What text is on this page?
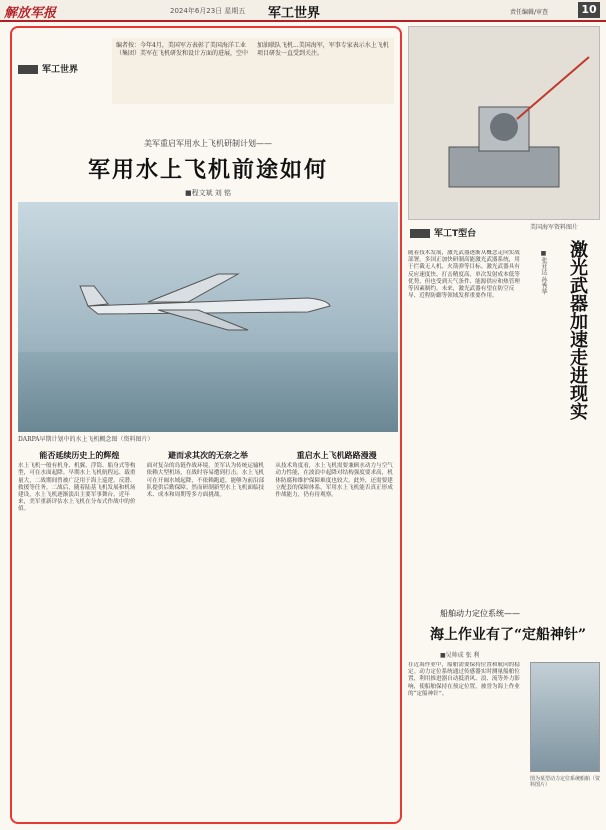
解放军报	2024年6月23日 星期五 军工世界	责任编辑/审查	10
编者按：今年4月，美国军方表彰了美国海洋工业（集团）美军在飞机研发和设计方面的进展，空中加油联队飞机...美国海军，军事专家表示水上飞机项目研发一直受到关注。
军工世界
美军重启军用水上飞机研制计划——
军用水上飞机前途如何
■程文斌 刘 铭
DARPA早期计划中的水上飞机概念图（资料图片）
能否延续历史上的辉煌
水上飞机一般有机身、机翼、浮筒、船身式等构型，可在水面起降。早期水上飞机航程远、载重量大，二战期间曾被广泛用于海上巡逻、反潜、救援等任务。二战后，随着陆基飞机发展和机场建设，水上飞机逐渐淡出主要军事舞台。近年来，美军重新评估水上飞机在分布式作战中的价值。
避而求其次的无奈之举
面对复杂的岛链作战环境，美军认为传统运输机依赖大型机场，在战时容易遭到打击。水上飞机可在开阔水域起降，不依赖跑道，能够为前沿部队提供后勤保障。然而研制新型水上飞机面临技术、成本和周期等多方面挑战。
重启水上飞机路路漫漫
从技术角度看，水上飞机需要兼顾水动力与空气动力性能，在波浪中起降对结构强度要求高，机体防腐和维护保障难度也较大。此外，还需要建立配套的保障体系，军用水上飞机能否真正形成作战能力，仍有待观察。
美国海军资料图片
军工T型台
激光武器加速走进现实
■张亚达 孙秀华
随着技术发展，激光武器逐渐从概念走向实战部署。多国正加快研制高能激光武器系统，用于拦截无人机、火箭弹等目标。激光武器具有反应速度快、打击精度高、单次发射成本低等优势，但也受到天气条件、能源供应和热管理等因素制约。未来，激光武器有望在防空反导、近程防御等领域发挥重要作用。
船舶动力定位系统——
海上作业有了“定船神针”
■吴帅成 张 利
在近海作业中，船舶需要保持位置和航向的稳定。动力定位系统通过传感器实时测量船舶位置，利用推进器自动抵消风、浪、流等外力影响，使船舶保持在预定位置，被誉为海上作业的“定船神针”。
图为某型动力定位系统船舶（资料图片）
